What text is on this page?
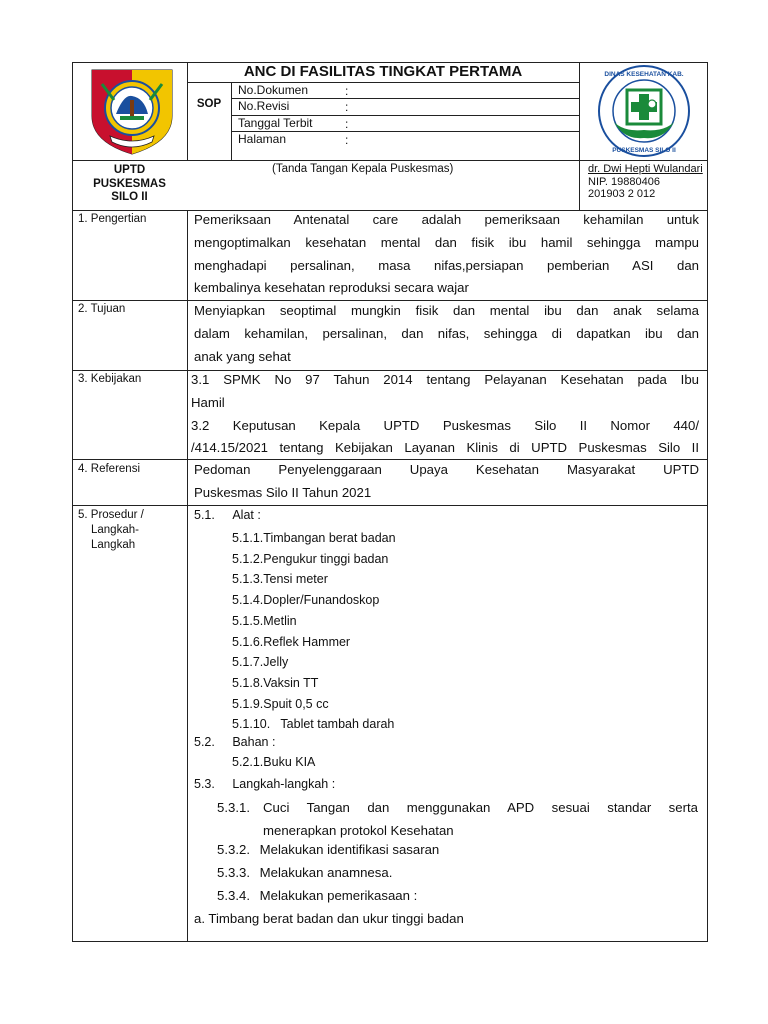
DINAS KESEHATAN KAB.
PUSKESMAS SILO II
ANC DI FASILITAS TINGKAT PERTAMA
SOP
No.Dokumen	:
No.Revisi	:
Tanggal Terbit	:
Halaman	:
UPTD
PUSKESMAS
SILO II
(Tanda Tangan Kepala Puskesmas)	dr. Dwi Hepti Wulandari
NIP. 19880406
201903 2 012
1. Pengertian	Pemeriksaan Antenatal care adalah pemeriksaan kehamilan untuk
mengoptimalkan kesehatan mental dan fisik ibu hamil sehingga mampu
menghadapi persalinan, masa nifas,persiapan pemberian ASI dan
kembalinya kesehatan reproduksi secara wajar
2. Tujuan	Menyiapkan seoptimal mungkin fisik dan mental ibu dan anak selama
dalam kehamilan, persalinan, dan nifas, sehingga di dapatkan ibu dan
anak yang sehat
3. Kebijakan	3.1 SPMK No 97 Tahun 2014 tentang Pelayanan Kesehatan pada Ibu
Hamil
3.2 Keputusan Kepala UPTD Puskesmas Silo II Nomor 440/
/414.15/2021 tentang Kebijakan Layanan Klinis di UPTD Puskesmas Silo II
4. Referensi	Pedoman Penyelenggaraan Upaya Kesehatan Masyarakat UPTD
Puskesmas Silo II Tahun 2021
5. Prosedur /
Langkah-
Langkah
5.1. Alat :
5.1.1.Timbangan berat badan
5.1.2.Pengukur tinggi badan
5.1.3.Tensi meter
5.1.4.Dopler/Funandoskop
5.1.5.Metlin
5.1.6.Reflek Hammer
5.1.7.Jelly
5.1.8.Vaksin TT
5.1.9.Spuit 0,5 cc
5.1.10.   Tablet tambah darah
5.2. Bahan :
5.2.1.Buku KIA
5.3. Langkah-langkah :
5.3.1. Cuci Tangan dan menggunakan APD sesuai standar serta
menerapkan protokol Kesehatan
5.3.2. Melakukan identifikasi sasaran
5.3.3. Melakukan anamnesa.
5.3.4. Melakukan pemerikasaan :
a. Timbang berat badan dan ukur tinggi badan
